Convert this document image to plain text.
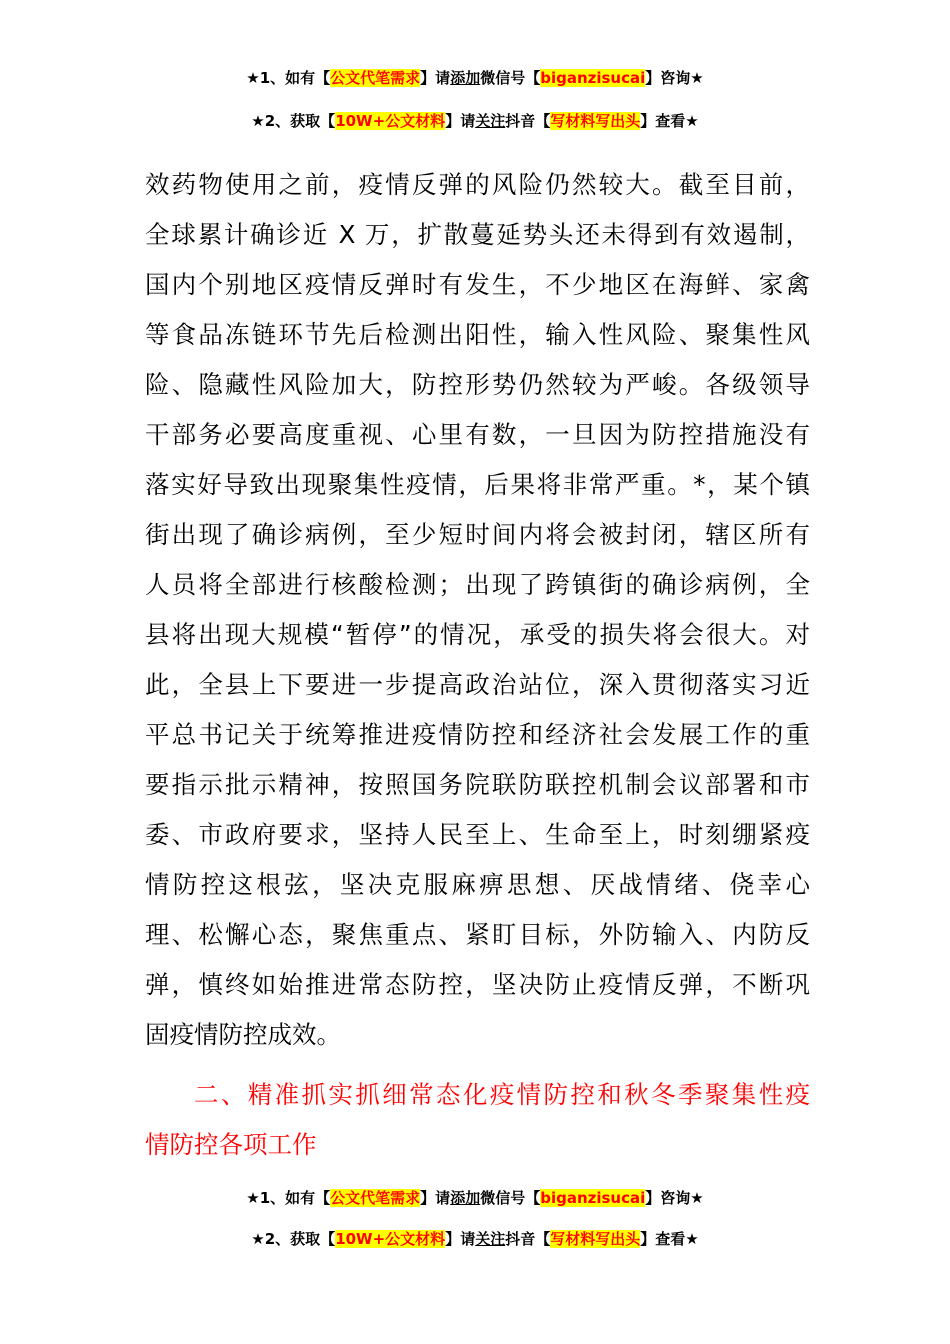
★1、如有【公文代笔需求】请添加微信号【biganzisucai】咨询★
★2、获取【10W+公文材料】请关注抖音【写材料写出头】查看★
效药物使用之前，疫情反弹的风险仍然较大。截至目前，
全球累计确诊近 X 万，扩散蔓延势头还未得到有效遏制，
国内个别地区疫情反弹时有发生，不少地区在海鲜、家禽
等食品冻链环节先后检测出阳性，输入性风险、聚集性风
险、隐藏性风险加大，防控形势仍然较为严峻。各级领导
干部务必要高度重视、心里有数，一旦因为防控措施没有
落实好导致出现聚集性疫情，后果将非常严重。*，某个镇
街出现了确诊病例，至少短时间内将会被封闭，辖区所有
人员将全部进行核酸检测；出现了跨镇街的确诊病例，全
县将出现大规模“暂停”的情况，承受的损失将会很大。对
此，全县上下要进一步提高政治站位，深入贯彻落实习近
平总书记关于统筹推进疫情防控和经济社会发展工作的重
要指示批示精神，按照国务院联防联控机制会议部署和市
委、市政府要求，坚持人民至上、生命至上，时刻绷紧疫
情防控这根弦，坚决克服麻痹思想、厌战情绪、侥幸心
理、松懈心态，聚焦重点、紧盯目标，外防输入、内防反
弹，慎终如始推进常态防控，坚决防止疫情反弹，不断巩
固疫情防控成效。
二、精准抓实抓细常态化疫情防控和秋冬季聚集性疫
情防控各项工作
★1、如有【公文代笔需求】请添加微信号【biganzisucai】咨询★
★2、获取【10W+公文材料】请关注抖音【写材料写出头】查看★
